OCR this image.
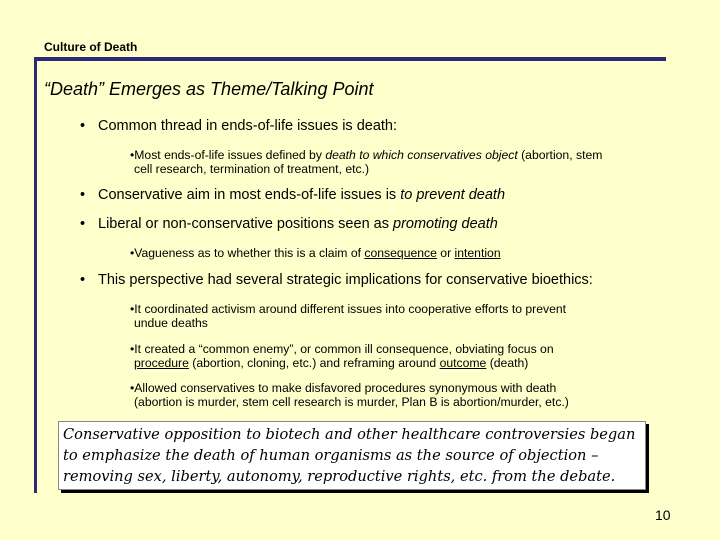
Culture of Death
“Death” Emerges as Theme/Talking Point
• Common thread in ends-of-life issues is death:
•Most ends-of-life issues defined by death to which conservatives object (abortion, stem
cell research, termination of treatment, etc.)
• Conservative aim in most ends-of-life issues is to prevent death
• Liberal or non-conservative positions seen as promoting death
•Vagueness as to whether this is a claim of consequence or intention
• This perspective had several strategic implications for conservative bioethics:
•It coordinated activism around different issues into cooperative efforts to prevent
undue deaths
•It created a “common enemy”, or common ill consequence, obviating focus on
procedure (abortion, cloning, etc.) and reframing around outcome (death)
•Allowed conservatives to make disfavored procedures synonymous with death
(abortion is murder, stem cell research is murder, Plan B is abortion/murder, etc.)
Conservative opposition to biotech and other healthcare controversies began to emphasize the death of human organisms as the source of objection – removing sex, liberty, autonomy, reproductive rights, etc. from the debate.
10
